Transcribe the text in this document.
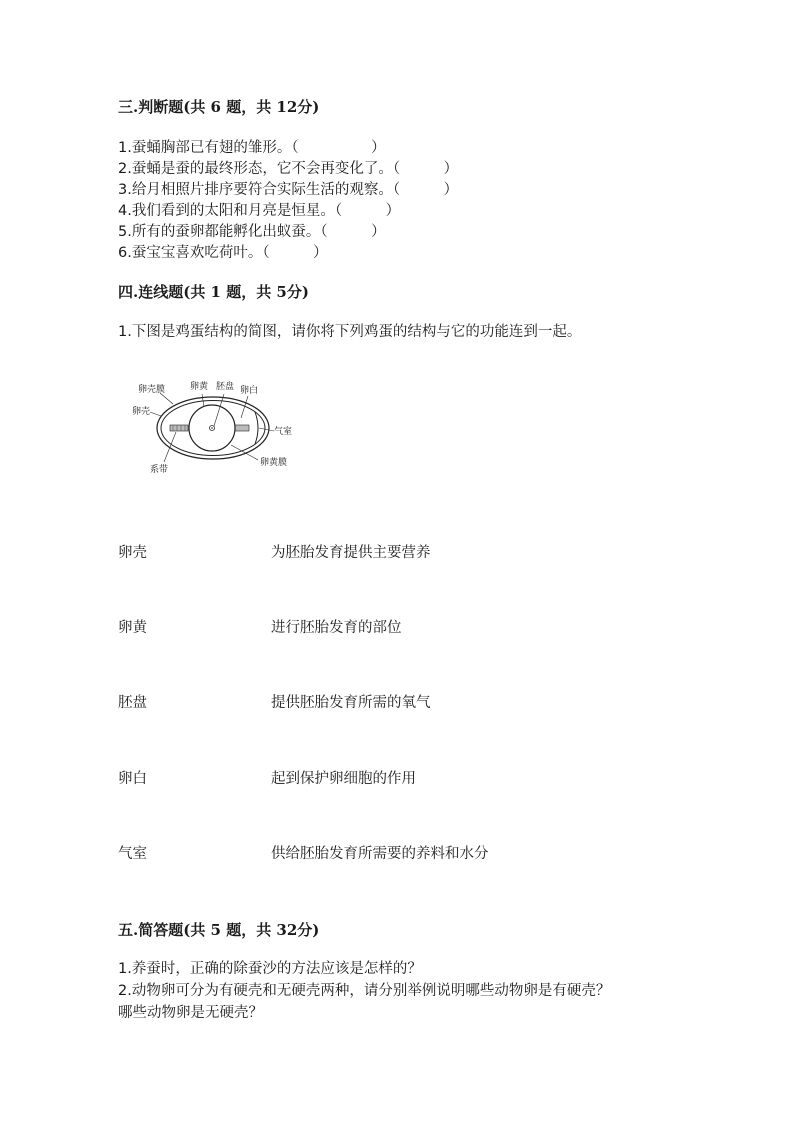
三.判断题(共 6 题，共 12分)
1.蚕蛹胸部已有翅的雏形。（　　　　　）
2.蚕蛹是蚕的最终形态，它不会再变化了。（　　　）
3.给月相照片排序要符合实际生活的观察。（　　　）
4.我们看到的太阳和月亮是恒星。（　　　）
5.所有的蚕卵都能孵化出蚁蚕。（　　　）
6.蚕宝宝喜欢吃荷叶。（　　　）
四.连线题(共 1 题，共 5分)
1.下图是鸡蛋结构的简图，请你将下列鸡蛋的结构与它的功能连到一起。
卵壳膜
卵壳
卵黄 胚盘 卵白
气室
系带
卵黄膜
卵壳	为胚胎发育提供主要营养
卵黄	进行胚胎发育的部位
胚盘	提供胚胎发育所需的氧气
卵白	起到保护卵细胞的作用
气室	供给胚胎发育所需要的养料和水分
五.简答题(共 5 题，共 32分)
1.养蚕时，正确的除蚕沙的方法应该是怎样的？
2.动物卵可分为有硬壳和无硬壳两种，请分别举例说明哪些动物卵是有硬壳？
哪些动物卵是无硬壳？
